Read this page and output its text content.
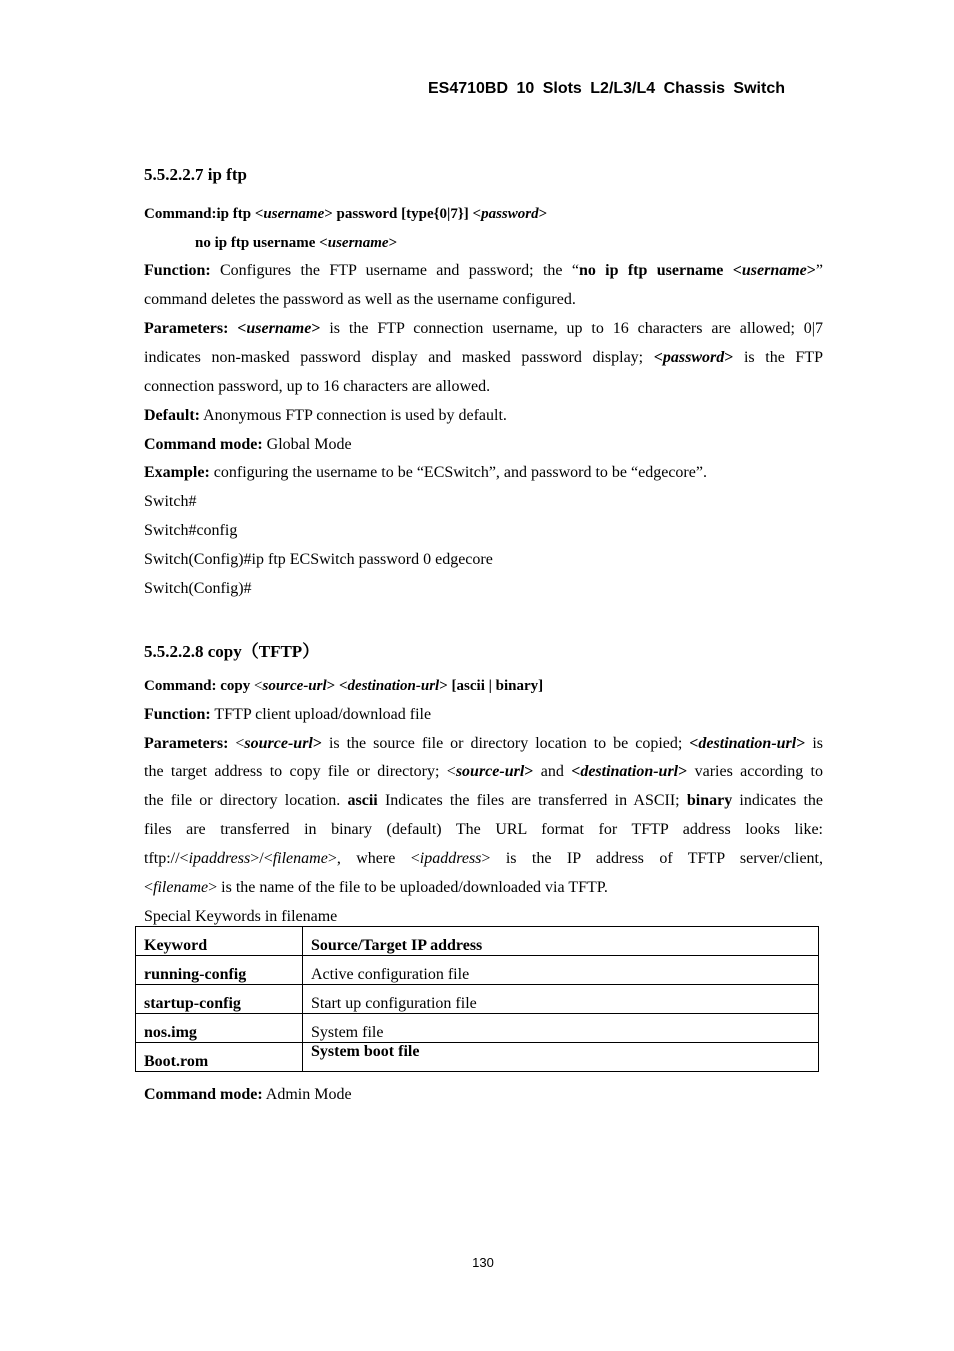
ES4710BD 10 Slots L2/L3/L4 Chassis Switch
5.5.2.2.7 ip ftp
Command:ip ftp <username> password [type{0|7}] <password>
no ip ftp username <username>
Function: Configures the FTP username and password; the “no ip ftp username <username>”
command deletes the password as well as the username configured.
Parameters: <username> is the FTP connection username, up to 16 characters are allowed; 0|7
indicates non-masked password display and masked password display; <password> is the FTP
connection password, up to 16 characters are allowed.
Default: Anonymous FTP connection is used by default.
Command mode: Global Mode
Example: configuring the username to be “ECSwitch”, and password to be “edgecore”.
Switch#
Switch#config
Switch(Config)#ip ftp ECSwitch password 0 edgecore
Switch(Config)#
5.5.2.2.8 copy（TFTP）
Command: copy <source-url> <destination-url> [ascii | binary]
Function: TFTP client upload/download file
Parameters: <source-url> is the source file or directory location to be copied; <destination-url> is
the target address to copy file or directory; <source-url> and <destination-url> varies according to
the file or directory location. ascii Indicates the files are transferred in ASCII; binary indicates the
files are transferred in binary (default) The URL format for TFTP address looks like:
tftp://<ipaddress>/<filename>, where <ipaddress> is the IP address of TFTP server/client,
<filename> is the name of the file to be uploaded/downloaded via TFTP.
Special Keywords in filename
Keyword	Source/Target IP address
running-config	Active configuration file
startup-config	Start up configuration file
nos.img	System file
Boot.rom	System boot file
Command mode: Admin Mode
130
